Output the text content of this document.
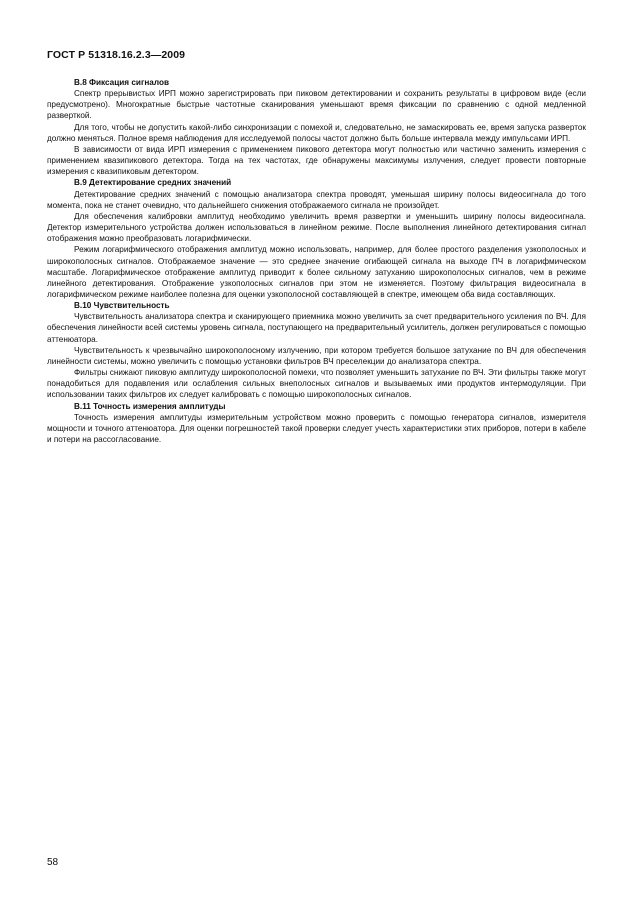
ГОСТ Р 51318.16.2.3—2009
В.8 Фиксация сигналов

Спектр прерывистых ИРП можно зарегистрировать при пиковом детектировании и сохранить результаты в цифровом виде (если предусмотрено). Многократные быстрые частотные сканирования уменьшают время фиксации по сравнению с одной медленной разверткой.

Для того, чтобы не допустить какой-либо синхронизации с помехой и, следовательно, не замаскировать ее, время запуска разверток должно меняться. Полное время наблюдения для исследуемой полосы частот должно быть больше интервала между импульсами ИРП.

В зависимости от вида ИРП измерения с применением пикового детектора могут полностью или частично заменить измерения с применением квазипикового детектора. Тогда на тех частотах, где обнаружены максимумы излучения, следует провести повторные измерения с квазипиковым детектором.

В.9 Детектирование средних значений

Детектирование средних значений с помощью анализатора спектра проводят, уменьшая ширину полосы видеосигнала до того момента, пока не станет очевидно, что дальнейшего снижения отображаемого сигнала не произойдет.

Для обеспечения калибровки амплитуд необходимо увеличить время развертки и уменьшить ширину полосы видеосигнала. Детектор измерительного устройства должен использоваться в линейном режиме. После выполнения линейного детектирования сигнал отображения можно преобразовать логарифмически.

Режим логарифмического отображения амплитуд можно использовать, например, для более простого разделения узкополосных и широкополосных сигналов. Отображаемое значение — это среднее значение огибающей сигнала на выходе ПЧ в логарифмическом масштабе. Логарифмическое отображение амплитуд приводит к более сильному затуханию широкополосных сигналов, чем в режиме линейного детектирования. Отображение узкополосных сигналов при этом не изменяется. Поэтому фильтрация видеосигнала в логарифмическом режиме наиболее полезна для оценки узкополосной составляющей в спектре, имеющем оба вида составляющих.

В.10 Чувствительность

Чувствительность анализатора спектра и сканирующего приемника можно увеличить за счет предварительного усиления по ВЧ. Для обеспечения линейности всей системы уровень сигнала, поступающего на предварительный усилитель, должен регулироваться с помощью аттенюатора.

Чувствительность к чрезвычайно широкополосному излучению, при котором требуется большое затухание по ВЧ для обеспечения линейности системы, можно увеличить с помощью установки фильтров ВЧ преселекции до анализатора спектра.

Фильтры снижают пиковую амплитуду широкополосной помехи, что позволяет уменьшить затухание по ВЧ. Эти фильтры также могут понадобиться для подавления или ослабления сильных внеполосных сигналов и вызываемых ими продуктов интермодуляции. При использовании таких фильтров их следует калибровать с помощью широкополосных сигналов.

В.11 Точность измерения амплитуды

Точность измерения амплитуды измерительным устройством можно проверить с помощью генератора сигналов, измерителя мощности и точного аттенюатора. Для оценки погрешностей такой проверки следует учесть характеристики этих приборов, потери в кабеле и потери на рассогласование.

58
